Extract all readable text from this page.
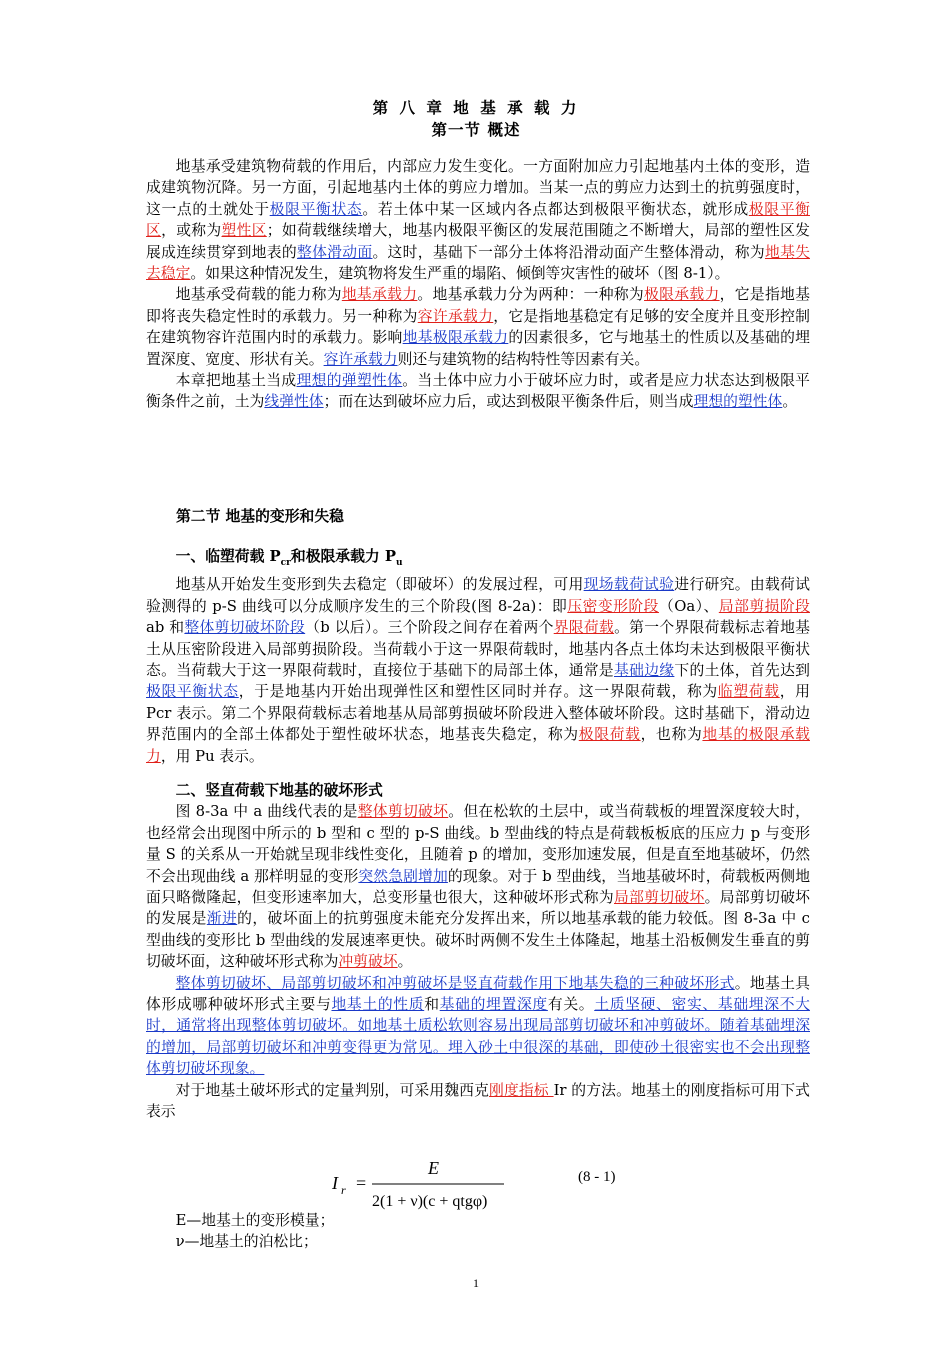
第 八 章 地 基 承 载 力
第一节 概述

地基承受建筑物荷载的作用后，内部应力发生变化。一方面附加应力引起地基内土体的变形，造成建筑物沉降。另一方面，引起地基内土体的剪应力增加。当某一点的剪应力达到土的抗剪强度时，这一点的土就处于极限平衡状态。若土体中某一区域内各点都达到极限平衡状态，就形成极限平衡区，或称为塑性区；如荷载继续增大，地基内极限平衡区的发展范围随之不断增大，局部的塑性区发展成连续贯穿到地表的整体滑动面。这时，基础下一部分土体将沿滑动面产生整体滑动，称为地基失去稳定。如果这种情况发生，建筑物将发生严重的塌陷、倾倒等灾害性的破坏（图 8-1）。

地基承受荷载的能力称为地基承载力。地基承载力分为两种：一种称为极限承载力，它是指地基即将丧失稳定性时的承载力。另一种称为容许承载力，它是指地基稳定有足够的安全度并且变形控制在建筑物容许范围内时的承载力。影响地基极限承载力的因素很多，它与地基土的性质以及基础的埋置深度、宽度、形状有关。容许承载力则还与建筑物的结构特性等因素有关。

本章把地基土当成理想的弹塑性体。当土体中应力小于破坏应力时，或者是应力状态达到极限平衡条件之前，土为线弹性体；而在达到破坏应力后，或达到极限平衡条件后，则当成理想的塑性体。

第二节 地基的变形和失稳

一、临塑荷载 $P_{cr}$和极限承载力 $P_u$

地基从开始发生变形到失去稳定（即破坏）的发展过程，可用现场载荷试验进行研究。由载荷试验测得的 p-S 曲线可以分成顺序发生的三个阶段(图 8-2a)：即压密变形阶段（Oa）、局部剪损阶段 ab 和整体剪切破坏阶段（b 以后）。三个阶段之间存在着两个界限荷载。第一个界限荷载标志着地基土从压密阶段进入局部剪损阶段。当荷载小于这一界限荷载时，地基内各点土体均未达到极限平衡状态。当荷载大于这一界限荷载时，直接位于基础下的局部土体，通常是基础边缘下的土体，首先达到极限平衡状态，于是地基内开始出现弹性区和塑性区同时并存。这一界限荷载，称为临塑荷载，用 Pcr 表示。第二个界限荷载标志着地基从局部剪损破坏阶段进入整体破坏阶段。这时基础下，滑动边界范围内的全部土体都处于塑性破坏状态，地基丧失稳定，称为极限荷载，也称为地基的极限承载力，用 Pu 表示。

二、竖直荷载下地基的破坏形式

图 8-3a 中 a 曲线代表的是整体剪切破坏。但在松软的土层中，或当荷载板的埋置深度较大时，也经常会出现图中所示的 b 型和 c 型的 p-S 曲线。b 型曲线的特点是荷载板板底的压应力 p 与变形量 S 的关系从一开始就呈现非线性变化，且随着 p 的增加，变形加速发展，但是直至地基破坏，仍然不会出现曲线 a 那样明显的变形突然急剧增加的现象。对于 b 型曲线，当地基破坏时，荷载板两侧地面只略微隆起，但变形速率加大，总变形量也很大，这种破坏形式称为局部剪切破坏。局部剪切破坏的发展是渐进的，破坏面上的抗剪强度未能充分发挥出来，所以地基承载的能力较低。图 8-3a 中 c 型曲线的变形比 b 型曲线的发展速率更快。破坏时两侧不发生土体隆起，地基土沿板侧发生垂直的剪切破坏面，这种破坏形式称为冲剪破坏。

整体剪切破坏、局部剪切破坏和冲剪破坏是竖直荷载作用下地基失稳的三种破坏形式。地基土具体形成哪种破坏形式主要与地基土的性质和基础的埋置深度有关。土质坚硬、密实、基础埋深不大时，通常将出现整体剪切破坏。如地基土质松软则容易出现局部剪切破坏和冲剪破坏。随着基础埋深的增加，局部剪切破坏和冲剪变得更为常见。埋入砂土中很深的基础，即使砂土很密实也不会出现整体剪切破坏现象。

对于地基土破坏形式的定量判别，可采用魏西克刚度指标 Ir 的方法。地基土的刚度指标可用下式表示

I r =
E
2(1 + ν)(c + qtgφ)
(8 - 1)

E—地基土的变形模量；

ν—地基土的泊松比；

1
